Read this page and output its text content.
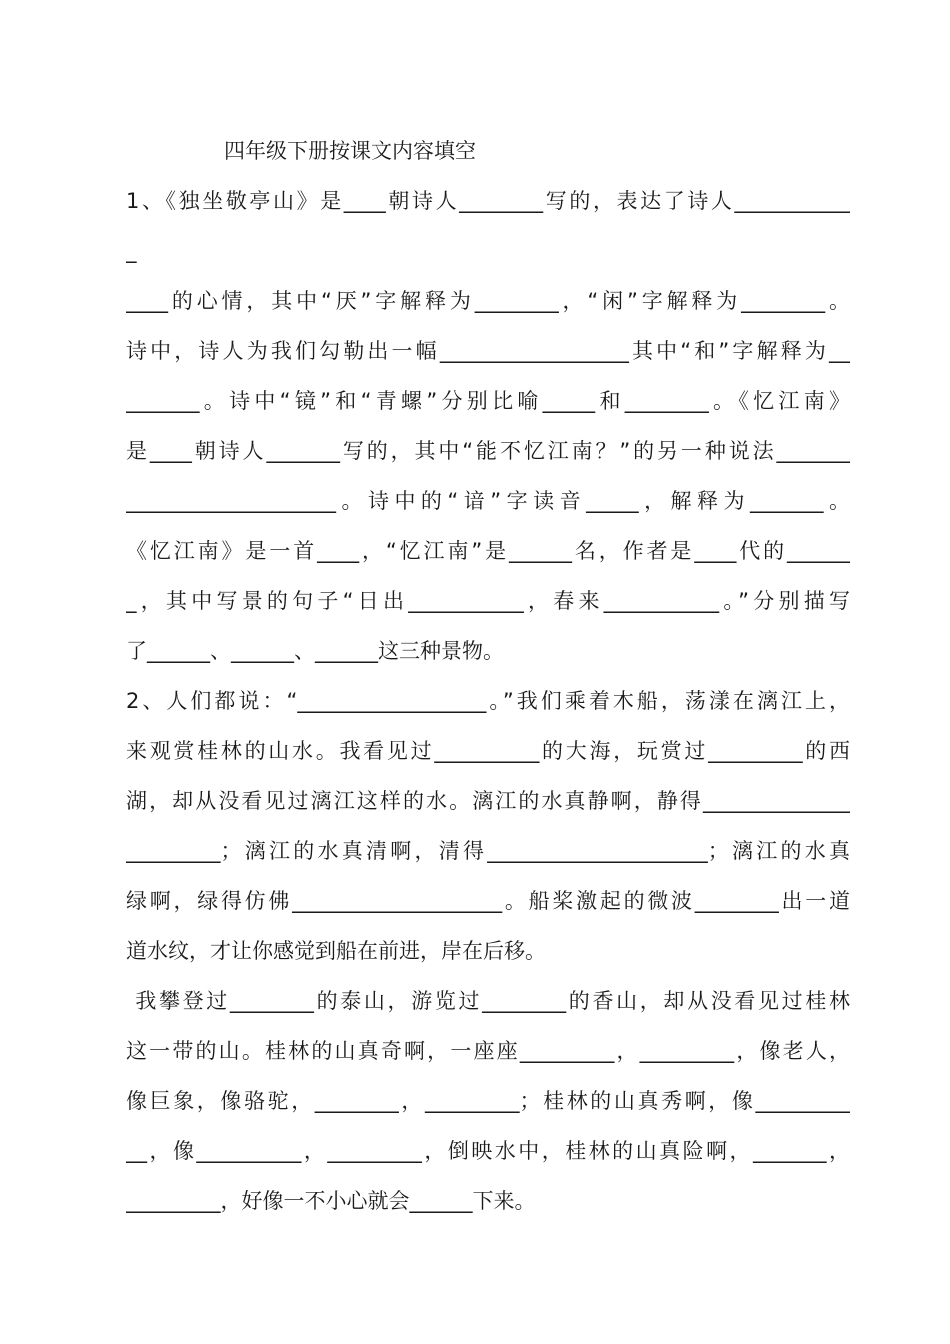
四年级下册按课文内容填空
1、《独坐敬亭山》是____朝诗人________写的，表达了诗人___________
_
____的心情，其中“厌”字解释为________，“闲”字解释为________。
诗中，诗人为我们勾勒出一幅__________________其中“和”字解释为__
_______。诗中“镜”和“青螺”分别比喻_____和________。《忆江南》
是____朝诗人_______写的，其中“能不忆江南？”的另一种说法_______
____________________。诗中的“谙”字读音_____，解释为_______。
《忆江南》是一首____，“忆江南”是______名，作者是____代的______
_，其中写景的句子“日出___________，春来___________。”分别描写
了______、______、______这三种景物。
2、人们都说：“__________________。”我们乘着木船，荡漾在漓江上，
来观赏桂林的山水。我看见过__________的大海，玩赏过_________的西
湖，却从没看见过漓江这样的水。漓江的水真静啊，静得______________
_________；漓江的水真清啊，清得_____________________；漓江的水真
绿啊，绿得仿佛____________________。船桨激起的微波________出一道
道水纹，才让你感觉到船在前进，岸在后移。
我攀登过________的泰山，游览过________的香山，却从没看见过桂林
这一带的山。桂林的山真奇啊，一座座_________，_________，像老人，
像巨象，像骆驼，________，_________；桂林的山真秀啊，像_________
__，像__________，_________，倒映水中，桂林的山真险啊，_______，
_________，好像一不小心就会______下来。
